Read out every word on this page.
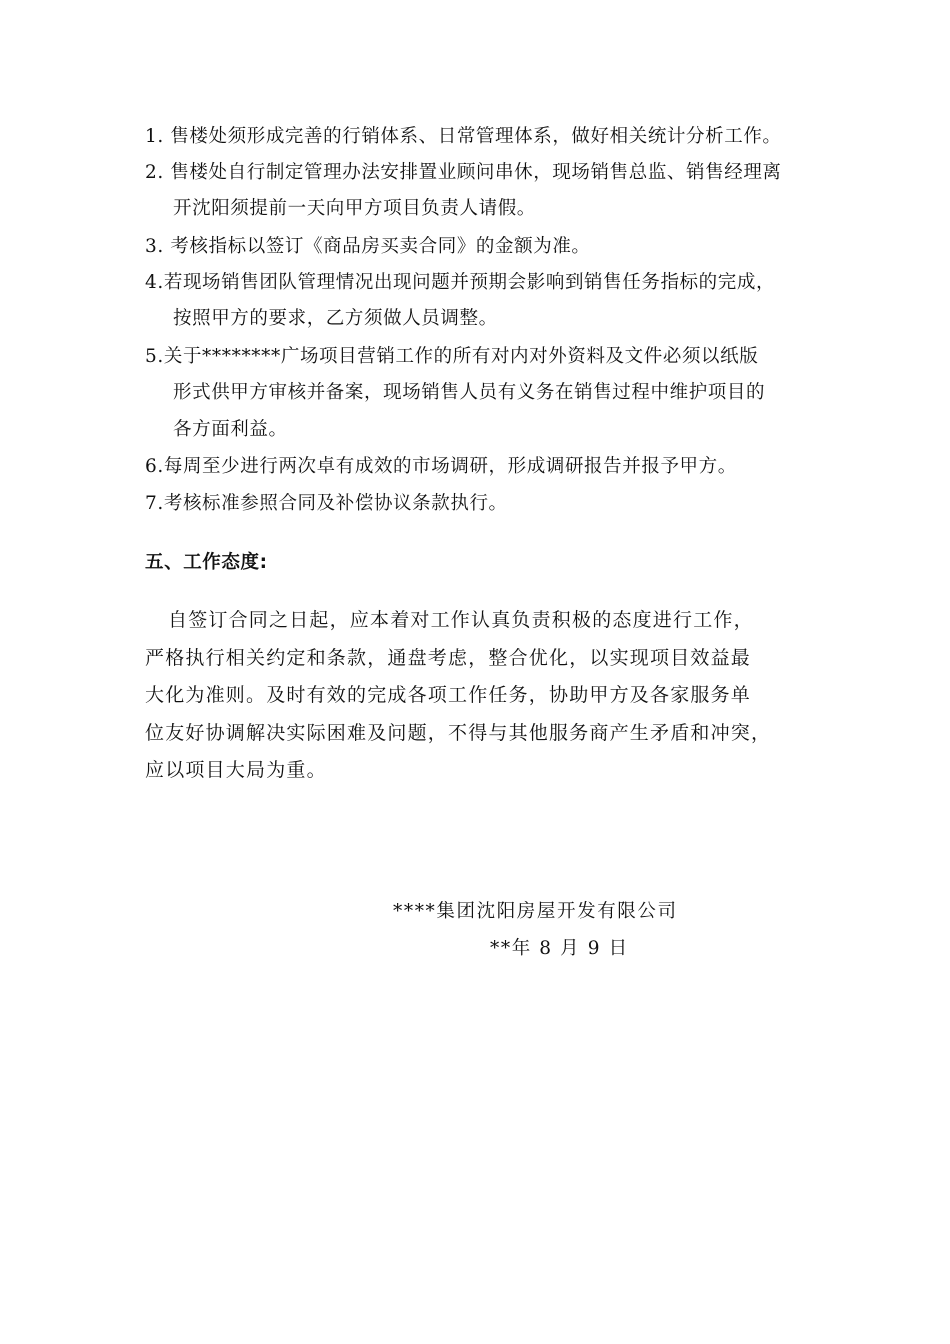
1. 售楼处须形成完善的行销体系、日常管理体系，做好相关统计分析工作。
2. 售楼处自行制定管理办法安排置业顾问串休，现场销售总监、销售经理离
开沈阳须提前一天向甲方项目负责人请假。
3. 考核指标以签订《商品房买卖合同》的金额为准。
4.若现场销售团队管理情况出现问题并预期会影响到销售任务指标的完成，
按照甲方的要求，乙方须做人员调整。
5.关于********广场项目营销工作的所有对内对外资料及文件必须以纸版
形式供甲方审核并备案，现场销售人员有义务在销售过程中维护项目的
各方面利益。
6.每周至少进行两次卓有成效的市场调研，形成调研报告并报予甲方。
7.考核标准参照合同及补偿协议条款执行。
五、工作态度:
自签订合同之日起，应本着对工作认真负责积极的态度进行工作，
严格执行相关约定和条款，通盘考虑，整合优化，以实现项目效益最
大化为准则。及时有效的完成各项工作任务，协助甲方及各家服务单
位友好协调解决实际困难及问题，不得与其他服务商产生矛盾和冲突，
应以项目大局为重。
****集团沈阳房屋开发有限公司
**年 8 月 9 日
